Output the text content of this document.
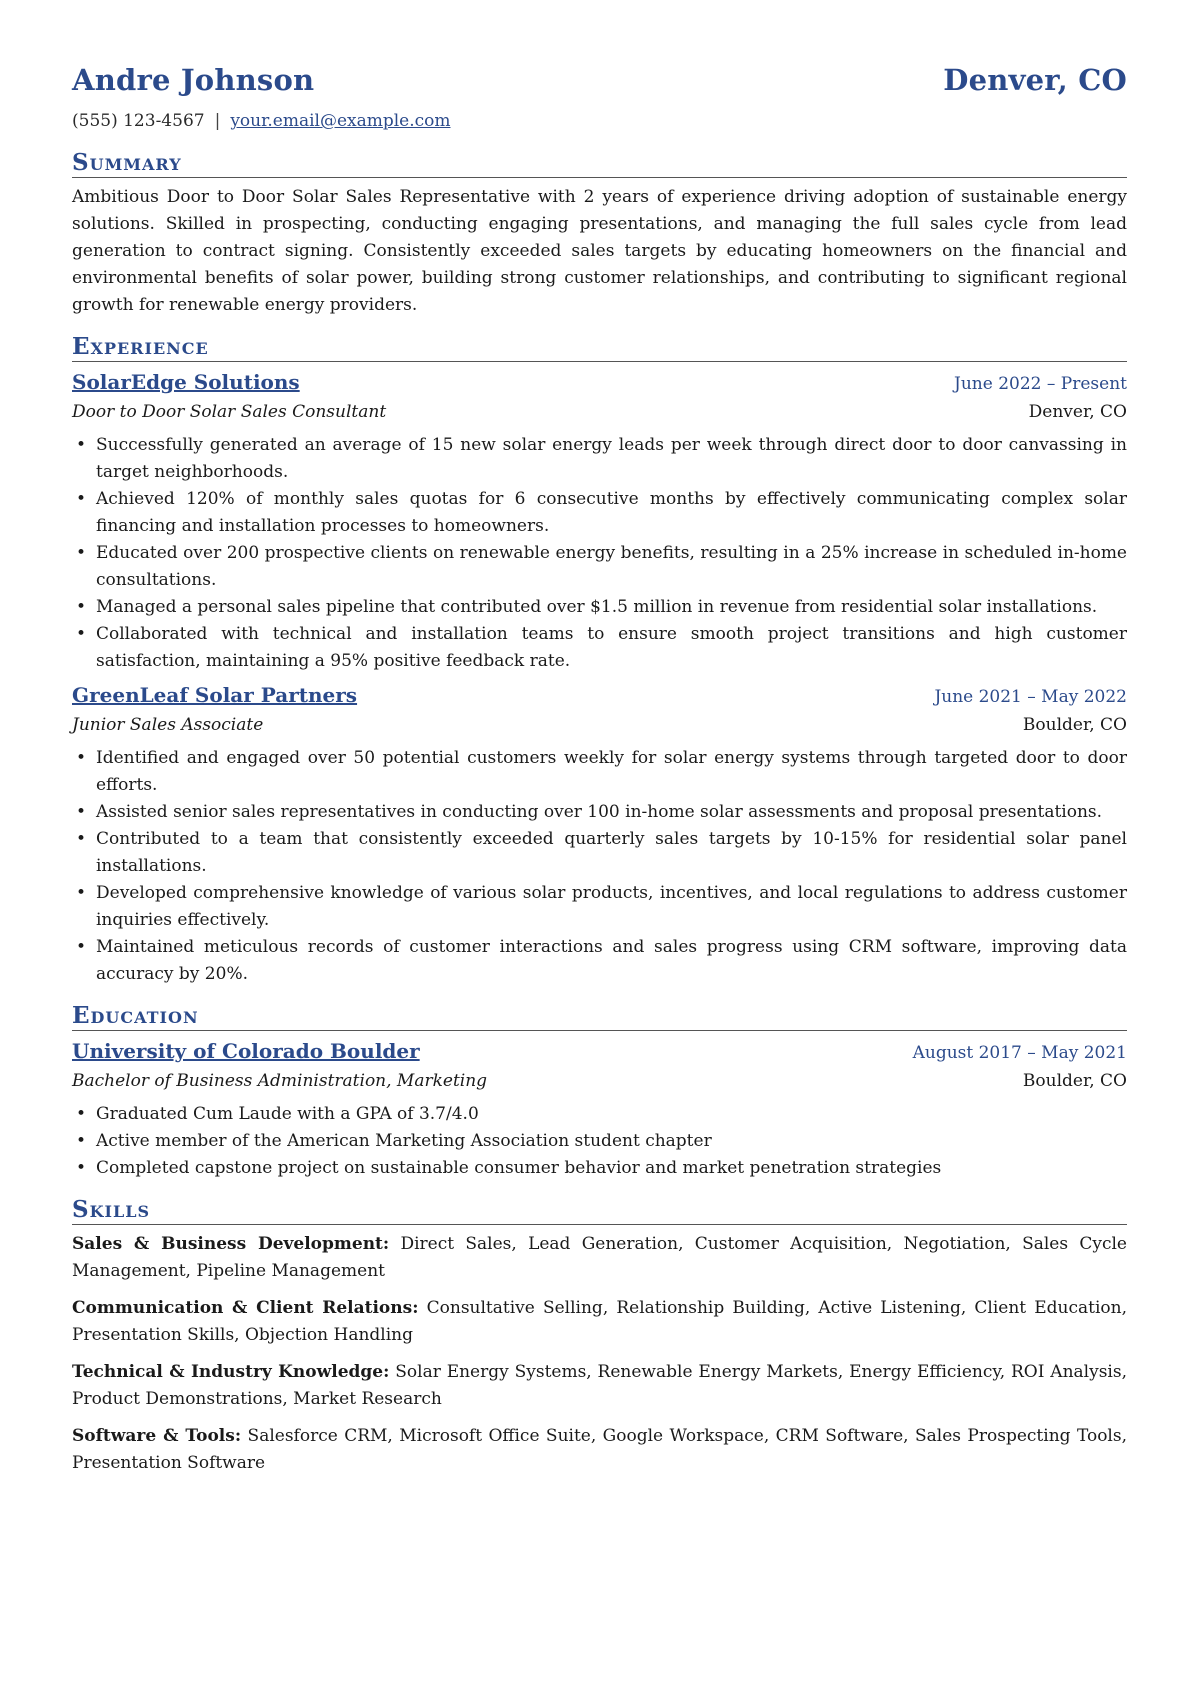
Andre Johnson	Denver, CO
(555) 123-4567 | your.email@example.com
Summary
Ambitious Door to Door Solar Sales Representative with 2 years of experience driving adoption of sustainable energy solutions. Skilled in prospecting, conducting engaging presentations, and managing the full sales cycle from lead generation to contract signing. Consistently exceeded sales targets by educating homeowners on the financial and environmental benefits of solar power, building strong customer relationships, and contributing to significant regional growth for renewable energy providers.
Experience
SolarEdge Solutions	June 2022 – Present
Door to Door Solar Sales Consultant	Denver, CO
• Successfully generated an average of 15 new solar energy leads per week through direct door to door canvassing in target neighborhoods.
• Achieved 120% of monthly sales quotas for 6 consecutive months by effectively communicating complex solar financing and installation processes to homeowners.
• Educated over 200 prospective clients on renewable energy benefits, resulting in a 25% increase in scheduled in-home consultations.
• Managed a personal sales pipeline that contributed over $1.5 million in revenue from residential solar installations.
• Collaborated with technical and installation teams to ensure smooth project transitions and high customer satisfaction, maintaining a 95% positive feedback rate.
GreenLeaf Solar Partners	June 2021 – May 2022
Junior Sales Associate	Boulder, CO
• Identified and engaged over 50 potential customers weekly for solar energy systems through targeted door to door efforts.
• Assisted senior sales representatives in conducting over 100 in-home solar assessments and proposal presentations.
• Contributed to a team that consistently exceeded quarterly sales targets by 10-15% for residential solar panel installations.
• Developed comprehensive knowledge of various solar products, incentives, and local regulations to address customer inquiries effectively.
• Maintained meticulous records of customer interactions and sales progress using CRM software, improving data accuracy by 20%.
Education
University of Colorado Boulder	August 2017 – May 2021
Bachelor of Business Administration, Marketing	Boulder, CO
• Graduated Cum Laude with a GPA of 3.7/4.0
• Active member of the American Marketing Association student chapter
• Completed capstone project on sustainable consumer behavior and market penetration strategies
Skills
Sales & Business Development: Direct Sales, Lead Generation, Customer Acquisition, Negotiation, Sales Cycle Management, Pipeline Management
Communication & Client Relations: Consultative Selling, Relationship Building, Active Listening, Client Education, Presentation Skills, Objection Handling
Technical & Industry Knowledge: Solar Energy Systems, Renewable Energy Markets, Energy Efficiency, ROI Analysis, Product Demonstrations, Market Research
Software & Tools: Salesforce CRM, Microsoft Office Suite, Google Workspace, CRM Software, Sales Prospecting Tools, Presentation Software
